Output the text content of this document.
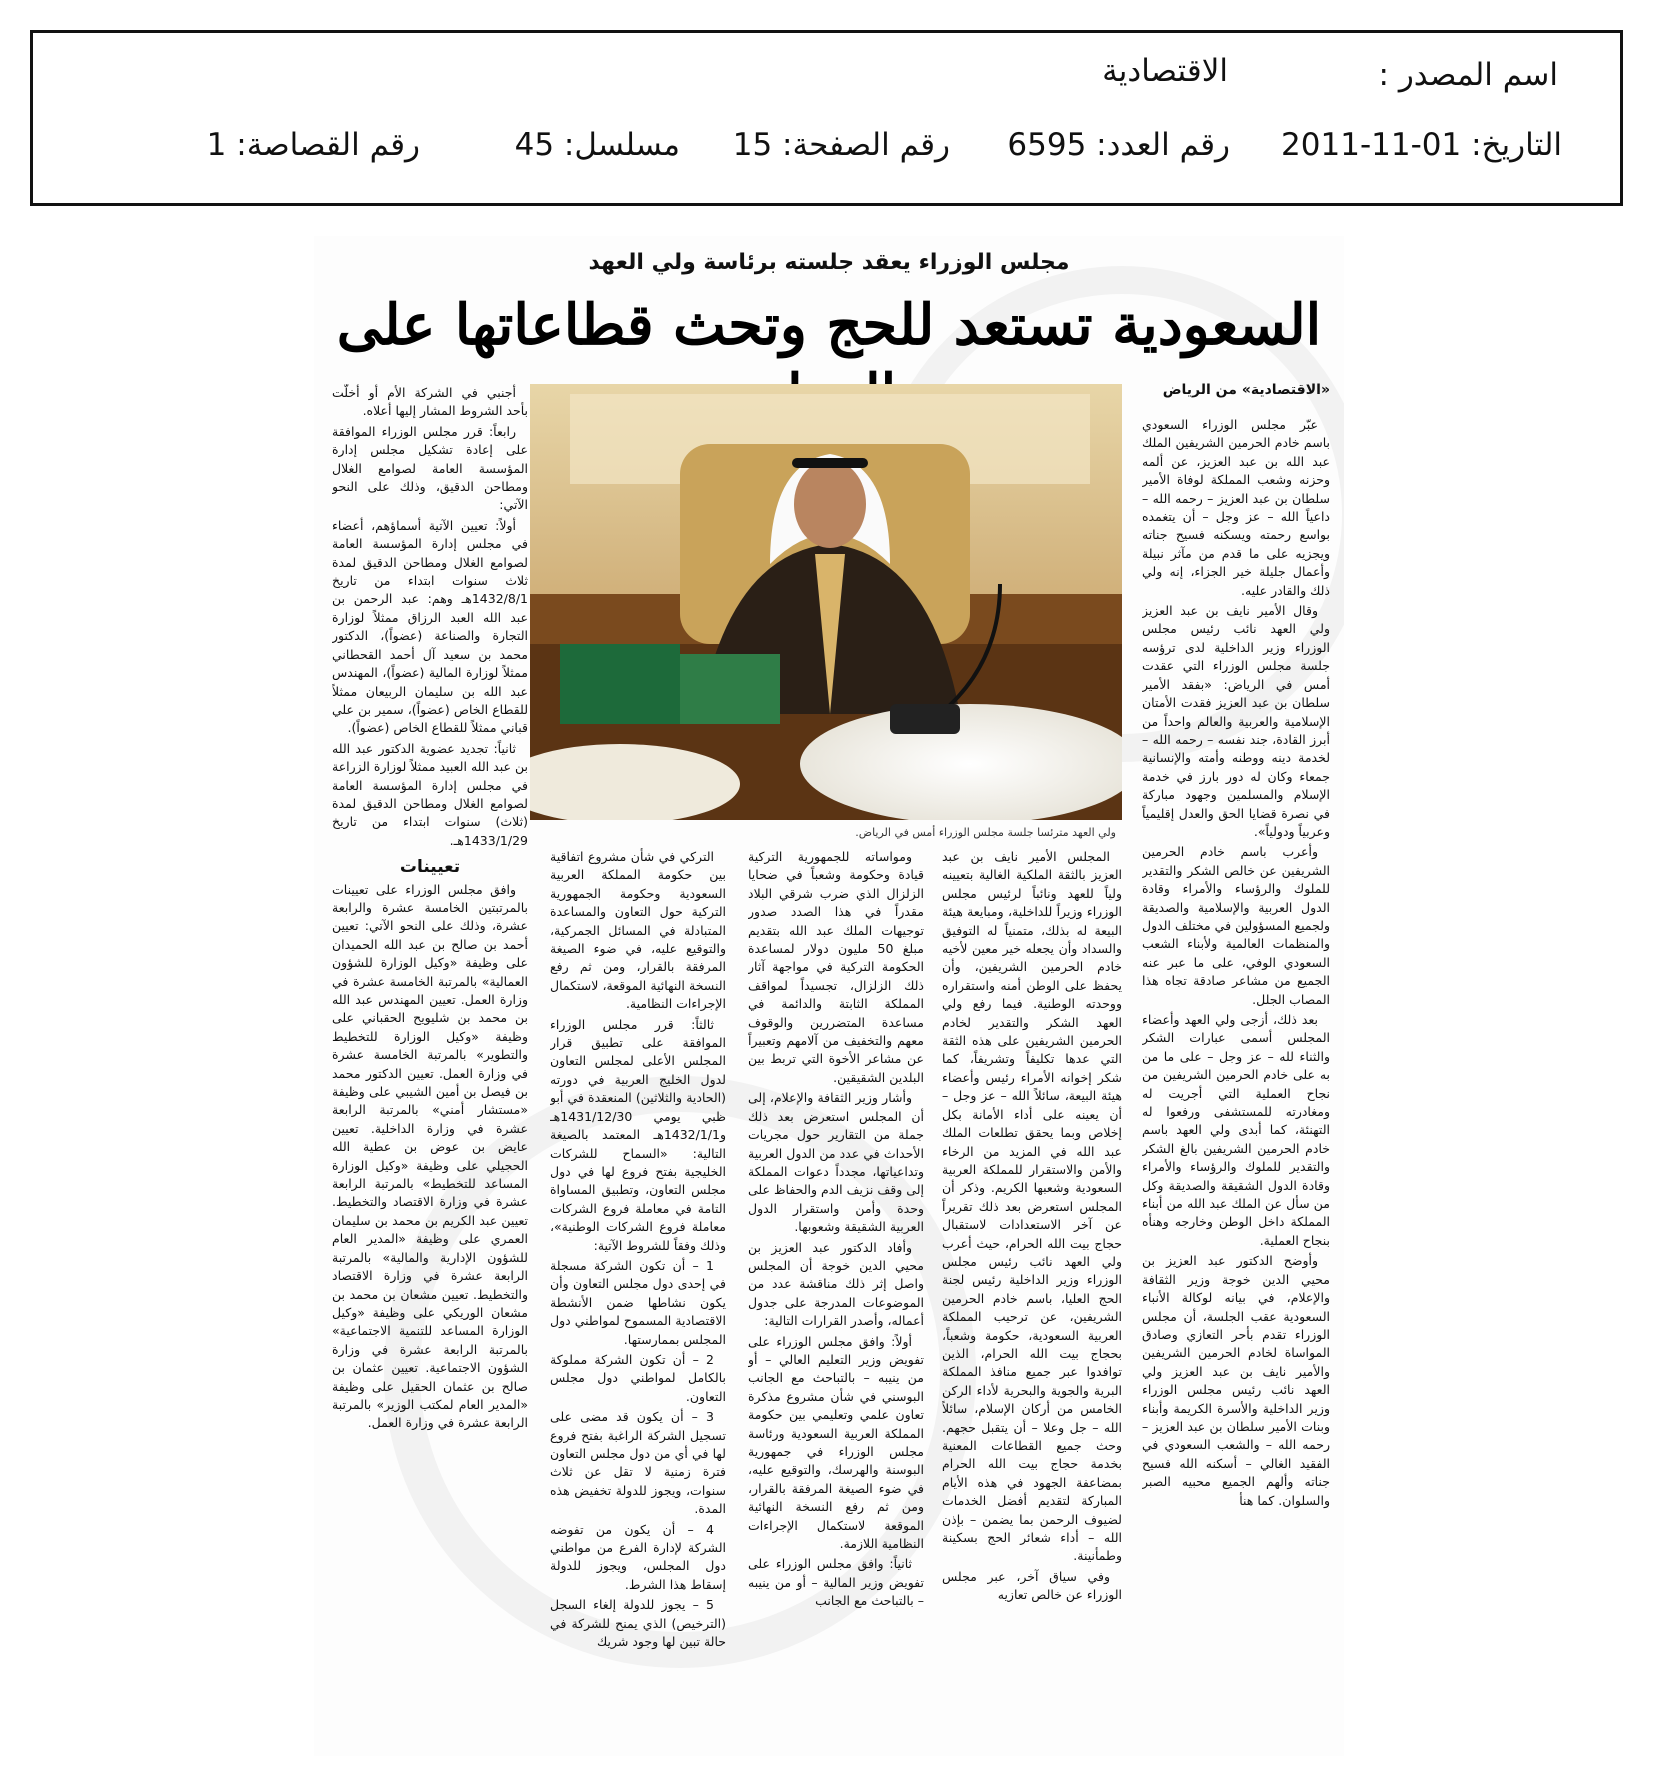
اسم المصدر :
الاقتصادية
التاريخ: 01-11-2011
رقم العدد: 6595
رقم الصفحة: 15
مسلسل: 45
رقم القصاصة: 1
مجلس الوزراء يعقد جلسته برئاسة ولي العهد
السعودية تستعد للحج وتحث قطاعاتها على
«الاقتصادية» من الرياض

عبّر مجلس الوزراء السعودي باسم خادم الحرمين الشريفين الملك عبد الله بن عبد العزيز، عن ألمه وحزنه وشعب المملكة لوفاة الأمير سلطان بن عبد العزيز – رحمه الله – داعياً الله – عز وجل – أن يتغمده بواسع رحمته ويسكنه فسيح جناته ويجزيه على ما قدم من مآثر نبيلة وأعمال جليلة خير الجزاء، إنه ولي ذلك والقادر عليه.

وقال الأمير نايف بن عبد العزيز ولي العهد نائب رئيس مجلس الوزراء وزير الداخلية لدى ترؤسه جلسة مجلس الوزراء التي عقدت أمس في الرياض: «بفقد الأمير سلطان بن عبد العزيز فقدت الأمتان الإسلامية والعربية والعالم واحداً من أبرز القادة، جند نفسه – رحمه الله – لخدمة دينه ووطنه وأمته والإنسانية جمعاء وكان له دور بارز في خدمة الإسلام والمسلمين وجهود مباركة في نصرة قضايا الحق والعدل إقليمياً وعربياً ودولياً».

وأعرب باسم خادم الحرمين الشريفين عن خالص الشكر والتقدير للملوك والرؤساء والأمراء وقادة الدول العربية والإسلامية والصديقة ولجميع المسؤولين في مختلف الدول والمنظمات العالمية ولأبناء الشعب السعودي الوفي، على ما عبر عنه الجميع من مشاعر صادقة تجاه هذا المصاب الجلل.

بعد ذلك، أزجى ولي العهد وأعضاء المجلس أسمى عبارات الشكر والثناء لله – عز وجل – على ما من به على خادم الحرمين الشريفين من نجاح العملية التي أجريت له ومغادرته للمستشفى ورفعوا له التهنئة، كما أبدى ولي العهد باسم خادم الحرمين الشريفين بالغ الشكر والتقدير للملوك والرؤساء والأمراء وقادة الدول الشقيقة والصديقة وكل من سأل عن الملك عبد الله من أبناء المملكة داخل الوطن وخارجه وهنأه بنجاح العملية.

وأوضح الدكتور عبد العزيز بن محيي الدين خوجة وزير الثقافة والإعلام، في بيانه لوكالة الأنباء السعودية عقب الجلسة، أن مجلس الوزراء تقدم بأحر التعازي وصادق المواساة لخادم الحرمين الشريفين والأمير نايف بن عبد العزيز ولي العهد نائب رئيس مجلس الوزراء وزير الداخلية والأسرة الكريمة وأبناء وبنات الأمير سلطان بن عبد العزيز – رحمه الله – والشعب السعودي في الفقيد الغالي – أسكنه الله فسيح جناته وألهم الجميع محبيه الصبر والسلوان. كما هنأ

ولي العهد مترئسا جلسة مجلس الوزراء أمس في الرياض.

المجلس الأمير نايف بن عبد العزيز بالثقة الملكية الغالية بتعيينه ولياً للعهد ونائباً لرئيس مجلس الوزراء وزيراً للداخلية، ومبايعة هيئة البيعة له بذلك، متمنياً له التوفيق والسداد وأن يجعله خير معين لأخيه خادم الحرمين الشريفين، وأن يحفظ على الوطن أمنه واستقراره ووحدته الوطنية. فيما رفع ولي العهد الشكر والتقدير لخادم الحرمين الشريفين على هذه الثقة التي عدها تكليفاً وتشريفاً، كما شكر إخوانه الأمراء رئيس وأعضاء هيئة البيعة، سائلاً الله – عز وجل – أن يعينه على أداء الأمانة بكل إخلاص وبما يحقق تطلعات الملك عبد الله في المزيد من الرخاء والأمن والاستقرار للمملكة العربية السعودية وشعبها الكريم. وذكر أن المجلس استعرض بعد ذلك تقريراً عن آخر الاستعدادات لاستقبال حجاج بيت الله الحرام، حيث أعرب ولي العهد نائب رئيس مجلس الوزراء وزير الداخلية رئيس لجنة الحج العليا، باسم خادم الحرمين الشريفين، عن ترحيب المملكة العربية السعودية، حكومة وشعباً، بحجاج بيت الله الحرام، الذين توافدوا عبر جميع منافذ المملكة البرية والجوية والبحرية لأداء الركن الخامس من أركان الإسلام، سائلاً الله – جل وعلا – أن يتقبل حجهم. وحث جميع القطاعات المعنية بخدمة حجاج بيت الله الحرام بمضاعفة الجهود في هذه الأيام المباركة لتقديم أفضل الخدمات لضيوف الرحمن بما يضمن – بإذن الله – أداء شعائر الحج بسكينة وطمأنينة.

وفي سياق آخر، عبر مجلس الوزراء عن خالص تعازيه

ومواساته للجمهورية التركية قيادة وحكومة وشعباً في ضحايا الزلزال الذي ضرب شرقي البلاد مقدراً في هذا الصدد صدور توجيهات الملك عبد الله بتقديم مبلغ 50 مليون دولار لمساعدة الحكومة التركية في مواجهة آثار ذلك الزلزال، تجسيداً لمواقف المملكة الثابتة والدائمة في مساعدة المتضررين والوقوف معهم والتخفيف من آلامهم وتعبيراً عن مشاعر الأخوة التي تربط بين البلدين الشقيقين.

وأشار وزير الثقافة والإعلام، إلى أن المجلس استعرض بعد ذلك جملة من التقارير حول مجريات الأحداث في عدد من الدول العربية وتداعياتها، مجدداً دعوات المملكة إلى وقف نزيف الدم والحفاظ على وحدة وأمن واستقرار الدول العربية الشقيقة وشعوبها.

وأفاد الدكتور عبد العزيز بن محيي الدين خوجة أن المجلس واصل إثر ذلك مناقشة عدد من الموضوعات المدرجة على جدول أعماله، وأصدر القرارات التالية:

أولاً: وافق مجلس الوزراء على تفويض وزير التعليم العالي – أو من ينيبه – بالتباحث مع الجانب البوسني في شأن مشروع مذكرة تعاون علمي وتعليمي بين حكومة المملكة العربية السعودية ورئاسة مجلس الوزراء في جمهورية البوسنة والهرسك، والتوقيع عليه، في ضوء الصيغة المرفقة بالقرار، ومن ثم رفع النسخة النهائية الموقعة لاستكمال الإجراءات النظامية اللازمة.

ثانياً: وافق مجلس الوزراء على تفويض وزير المالية – أو من ينيبه – بالتباحث مع الجانب

التركي في شأن مشروع اتفاقية بين حكومة المملكة العربية السعودية وحكومة الجمهورية التركية حول التعاون والمساعدة المتبادلة في المسائل الجمركية، والتوقيع عليه، في ضوء الصيغة المرفقة بالقرار، ومن ثم رفع النسخة النهائية الموقعة، لاستكمال الإجراءات النظامية.

ثالثاً: قرر مجلس الوزراء الموافقة على تطبيق قرار المجلس الأعلى لمجلس التعاون لدول الخليج العربية في دورته (الحادية والثلاثين) المنعقدة في أبو ظبي يومي 1431/12/30هـ و1432/1/1هـ المعتمد بالصيغة التالية: «السماح للشركات الخليجية بفتح فروع لها في دول مجلس التعاون، وتطبيق المساواة التامة في معاملة فروع الشركات معاملة فروع الشركات الوطنية»، وذلك وفقاً للشروط الآتية:

1 – أن تكون الشركة مسجلة في إحدى دول مجلس التعاون وأن يكون نشاطها ضمن الأنشطة الاقتصادية المسموح لمواطني دول المجلس بممارستها.

2 – أن تكون الشركة مملوكة بالكامل لمواطني دول مجلس التعاون.

3 – أن يكون قد مضى على تسجيل الشركة الراغبة بفتح فروع لها في أي من دول مجلس التعاون فترة زمنية لا تقل عن ثلاث سنوات، ويجوز للدولة تخفيض هذه المدة.

4 – أن يكون من تفوضه الشركة لإدارة الفرع من مواطني دول المجلس، ويجوز للدولة إسقاط هذا الشرط.

5 – يجوز للدولة إلغاء السجل (الترخيص) الذي يمنح للشركة في حالة تبين لها وجود شريك

أجنبي في الشركة الأم أو أخلّت بأحد الشروط المشار إليها أعلاه.

رابعاً: قرر مجلس الوزراء الموافقة على إعادة تشكيل مجلس إدارة المؤسسة العامة لصوامع الغلال ومطاحن الدقيق، وذلك على النحو الآتي:

أولاً: تعيين الآتية أسماؤهم، أعضاء في مجلس إدارة المؤسسة العامة لصوامع الغلال ومطاحن الدقيق لمدة ثلاث سنوات ابتداء من تاريخ 1432/8/1هـ وهم: عبد الرحمن بن عبد الله العبد الرزاق ممثلاً لوزارة التجارة والصناعة (عضواً)، الدكتور محمد بن سعيد آل أحمد القحطاني ممثلاً لوزارة المالية (عضواً)، المهندس عبد الله بن سليمان الربيعان ممثلاً للقطاع الخاص (عضواً)، سمير بن علي قباني ممثلاً للقطاع الخاص (عضواً).

ثانياً: تجديد عضوية الدكتور عبد الله بن عبد الله العبيد ممثلاً لوزارة الزراعة في مجلس إدارة المؤسسة العامة لصوامع الغلال ومطاحن الدقيق لمدة (ثلاث) سنوات ابتداء من تاريخ 1433/1/29هـ.

تعيينات

وافق مجلس الوزراء على تعيينات بالمرتبتين الخامسة عشرة والرابعة عشرة، وذلك على النحو الآتي: تعيين أحمد بن صالح بن عبد الله الحميدان على وظيفة «وكيل الوزارة للشؤون العمالية» بالمرتبة الخامسة عشرة في وزارة العمل. تعيين المهندس عبد الله بن محمد بن شليويح الحقباني على وظيفة «وكيل الوزارة للتخطيط والتطوير» بالمرتبة الخامسة عشرة في وزارة العمل. تعيين الدكتور محمد بن فيصل بن أمين الشيبي على وظيفة «مستشار أمني» بالمرتبة الرابعة عشرة في وزارة الداخلية. تعيين عايض بن عوض بن عطية الله الحجيلي على وظيفة «وكيل الوزارة المساعد للتخطيط» بالمرتبة الرابعة عشرة في وزارة الاقتصاد والتخطيط. تعيين عبد الكريم بن محمد بن سليمان العمري على وظيفة «المدير العام للشؤون الإدارية والمالية» بالمرتبة الرابعة عشرة في وزارة الاقتصاد والتخطيط. تعيين مشعان بن محمد بن مشعان الوريكي على وظيفة «وكيل الوزارة المساعد للتنمية الاجتماعية» بالمرتبة الرابعة عشرة في وزارة الشؤون الاجتماعية. تعيين عثمان بن صالح بن عثمان الحقيل على وظيفة «المدير العام لمكتب الوزير» بالمرتبة الرابعة عشرة في وزارة العمل.
